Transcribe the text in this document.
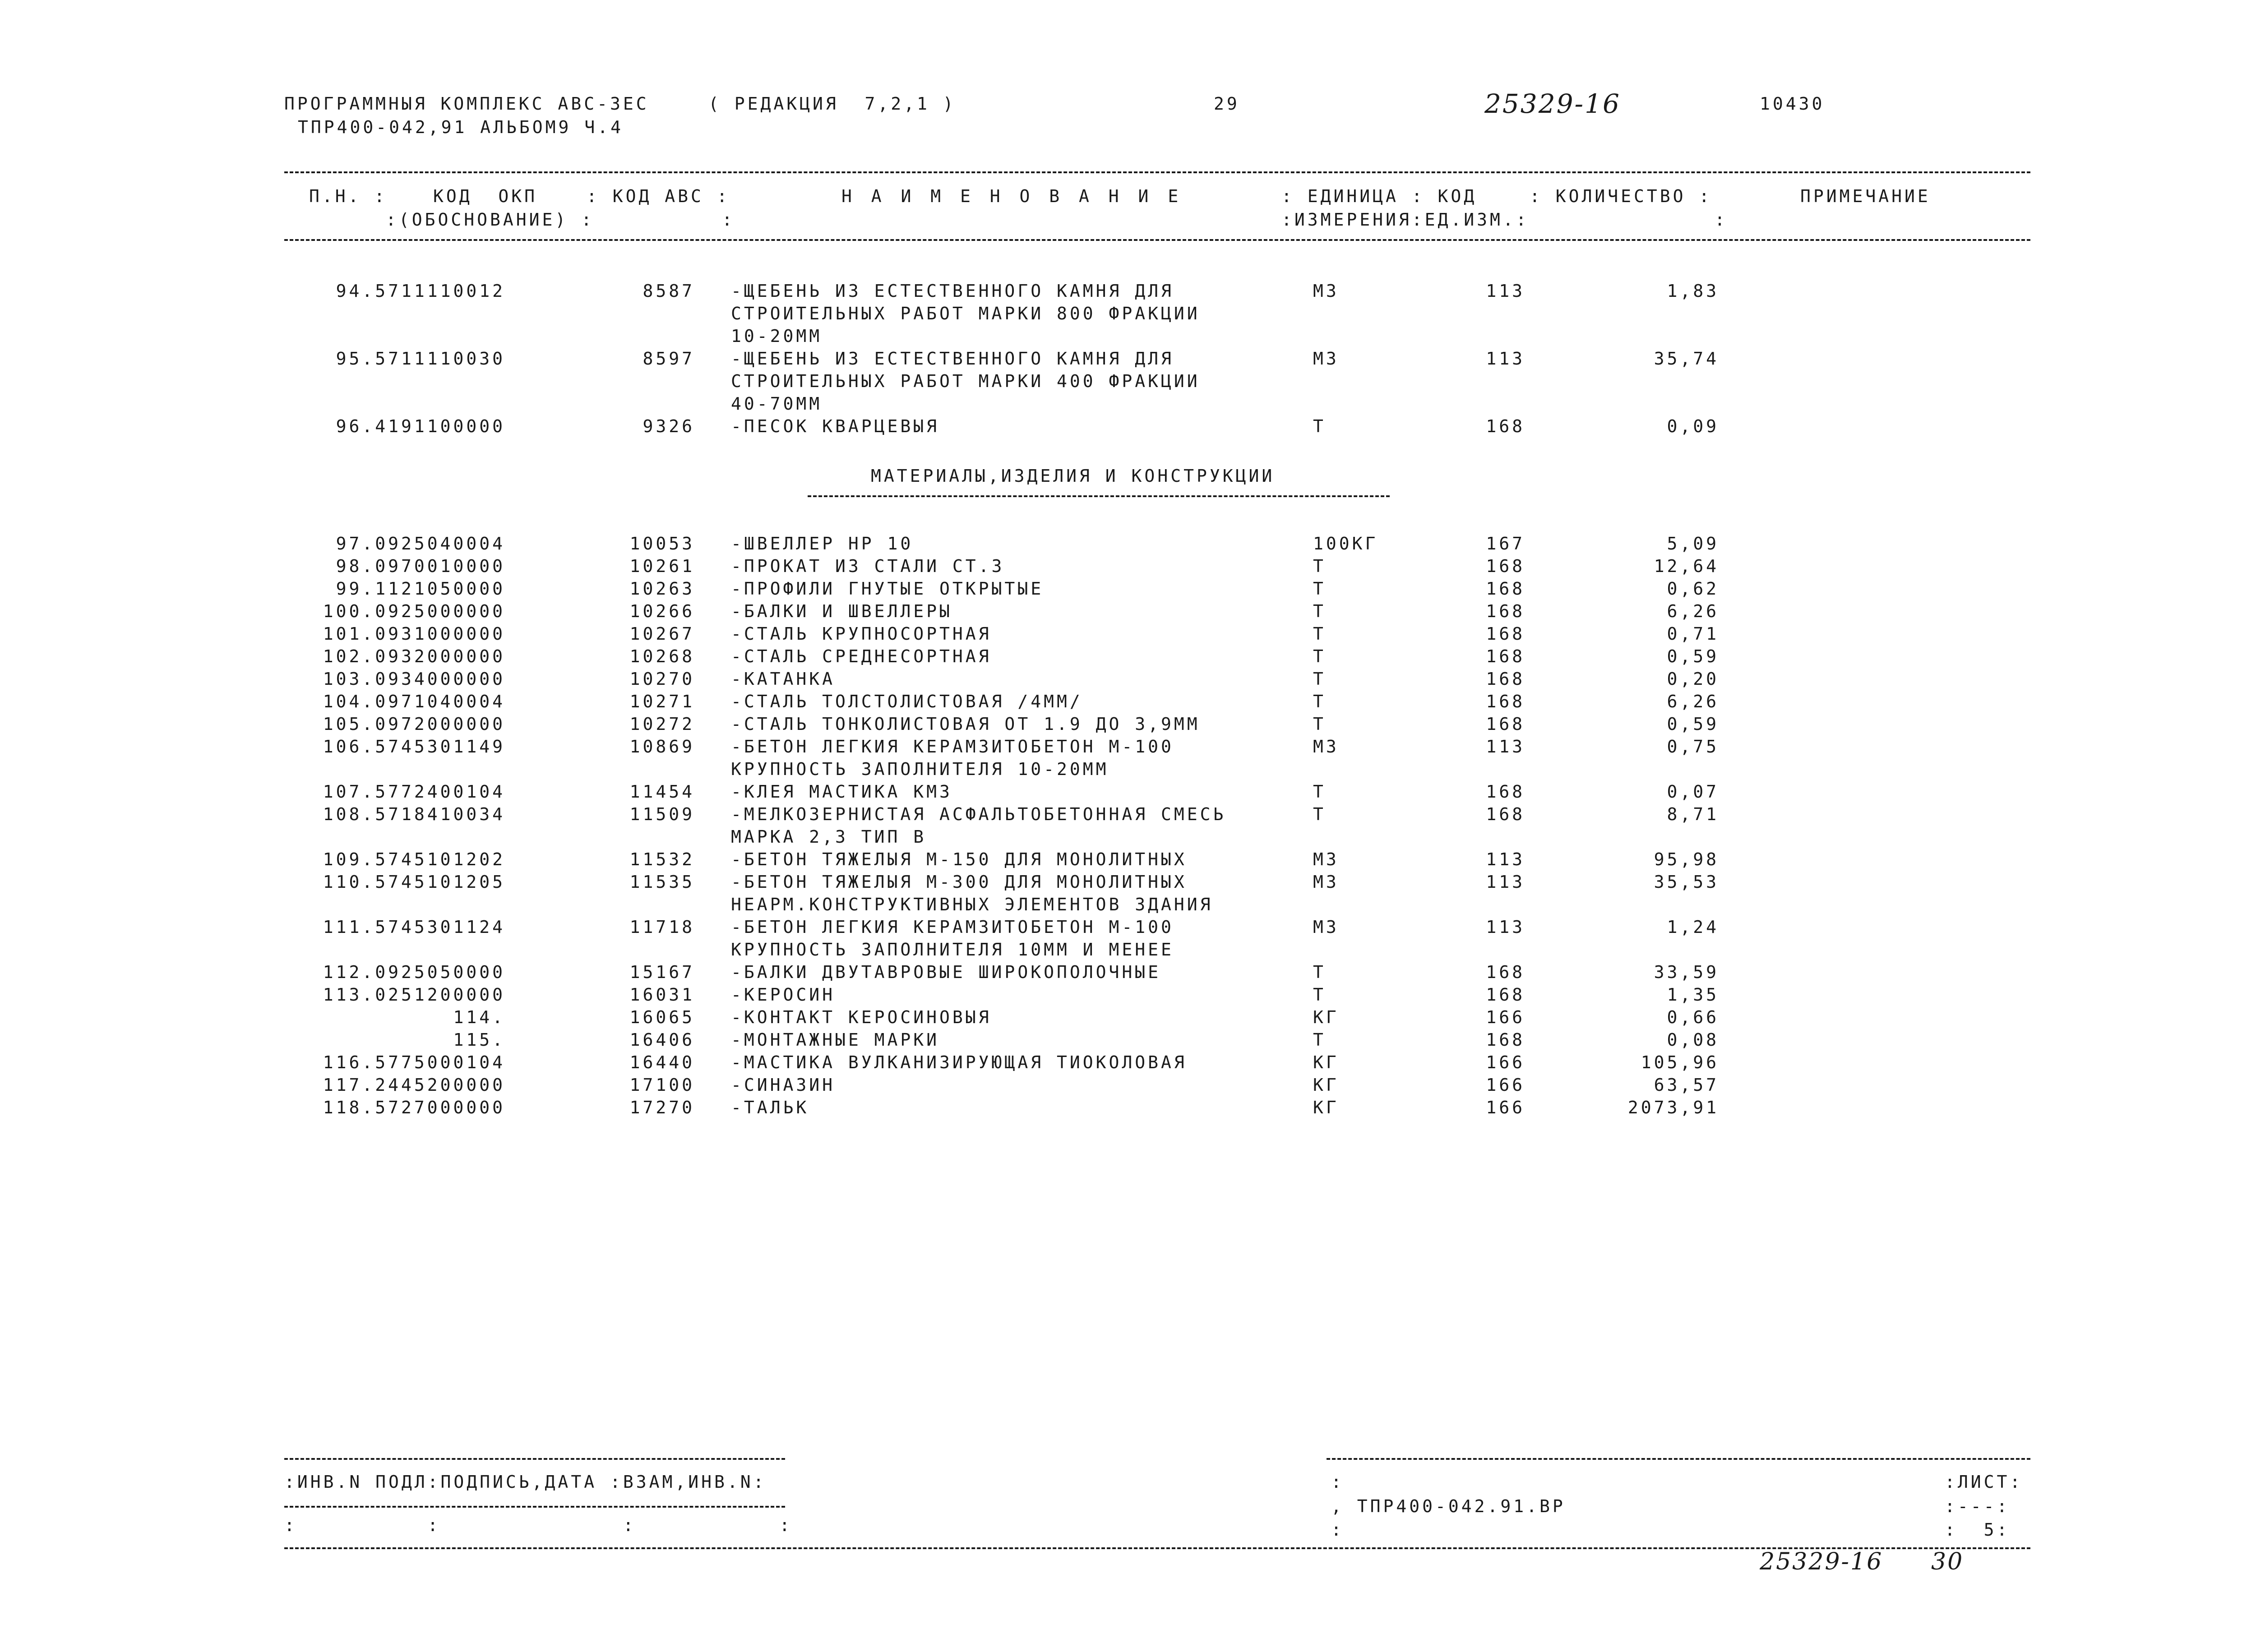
ПРОГРАММНЫЯ КОМПЛЕКС АВС-ЗЕС	( РЕДАКЦИЯ  7,2,1 )	29	25329-16	10430
ТПР400-042,91 АЛЬБОМ9 Ч.4
П.Н. :	КОД  ОКП
:(ОБОСНОВАНИЕ) :
: КОД АВС :
:
Н А И М Е Н О В А Н И Е	: ЕДИНИЦА : КОД
:ИЗМЕРЕНИЯ:ЕД.ИЗМ.:
: КОЛИЧЕСТВО :
:
ПРИМЕЧАНИЕ
94.5711110012	8587 -ЩЕБЕНЬ ИЗ ЕСТЕСТВЕННОГО КАМНЯ ДЛЯ
СТРОИТЕЛЬНЫХ РАБОТ МАРКИ 800 ФРАКЦИИ
10-20ММ
М3	113	1,83
95.5711110030	8597 -ЩЕБЕНЬ ИЗ ЕСТЕСТВЕННОГО КАМНЯ ДЛЯ
СТРОИТЕЛЬНЫХ РАБОТ МАРКИ 400 ФРАКЦИИ
40-70ММ
М3	113	35,74
96.4191100000	9326 -ПЕСОК КВАРЦЕВЫЯ	Т	168	0,09
МАТЕРИАЛЫ,ИЗДЕЛИЯ И КОНСТРУКЦИИ
97.0925040004	10053 -ШВЕЛЛЕР НР 10	100КГ	167	5,09
98.0970010000	10261 -ПРОКАТ ИЗ СТАЛИ СТ.3	Т	168	12,64
99.1121050000	10263 -ПРОФИЛИ ГНУТЫЕ ОТКРЫТЫЕ	Т	168	0,62
100.0925000000	10266 -БАЛКИ И ШВЕЛЛЕРЫ	Т	168	6,26
101.0931000000	10267 -СТАЛЬ КРУПНОСОРТНАЯ	Т	168	0,71
102.0932000000	10268 -СТАЛЬ СРЕДНЕСОРТНАЯ	Т	168	0,59
103.0934000000	10270 -КАТАНКА	Т	168	0,20
104.0971040004	10271 -СТАЛЬ ТОЛСТОЛИСТОВАЯ /4ММ/	Т	168	6,26
105.0972000000	10272 -СТАЛЬ ТОНКОЛИСТОВАЯ ОТ 1.9 ДО 3,9ММ	Т	168	0,59
106.5745301149	10869 -БЕТОН ЛЕГКИЯ КЕРАМЗИТОБЕТОН М-100
КРУПНОСТЬ ЗАПОЛНИТЕЛЯ 10-20ММ
М3	113	0,75
107.5772400104	11454 -КЛЕЯ МАСТИКА КМЗ	Т	168	0,07
108.5718410034	11509 -МЕЛКОЗЕРНИСТАЯ АСФАЛЬТОБЕТОННАЯ СМЕСЬ
МАРКА 2,3 ТИП В
Т	168	8,71
109.5745101202	11532 -БЕТОН ТЯЖЕЛЫЯ М-150 ДЛЯ МОНОЛИТНЫХ	М3	113	95,98
110.5745101205	11535 -БЕТОН ТЯЖЕЛЫЯ М-300 ДЛЯ МОНОЛИТНЫХ
НЕАРМ.КОНСТРУКТИВНЫХ ЭЛЕМЕНТОВ ЗДАНИЯ
М3	113	35,53
111.5745301124	11718 -БЕТОН ЛЕГКИЯ КЕРАМЗИТОБЕТОН М-100
КРУПНОСТЬ ЗАПОЛНИТЕЛЯ 10ММ И МЕНЕЕ
М3	113	1,24
112.0925050000	15167 -БАЛКИ ДВУТАВРОВЫЕ ШИРОКОПОЛОЧНЫЕ	Т	168	33,59
113.0251200000	16031 -КЕРОСИН	Т	168	1,35
114.	16065 -КОНТАКТ КЕРОСИНОВЫЯ	КГ	166	0,66
115.	16406 -МОНТАЖНЫЕ МАРКИ	Т	168	0,08
116.5775000104	16440 -МАСТИКА ВУЛКАНИЗИРУЮЩАЯ ТИОКОЛОВАЯ	КГ	166	105,96
117.2445200000	17100 -СИНАЗИН	КГ	166	63,57
118.5727000000	17270 -ТАЛЬК	КГ	166	2073,91
:ИНВ.N ПОДЛ:ПОДПИСЬ,ДАТА :ВЗАМ,ИНВ.N:
:          :              :           :
:
, ТПР400-042.91.ВР
:
:ЛИСТ:
:---:
:  5:
25329-16 30
